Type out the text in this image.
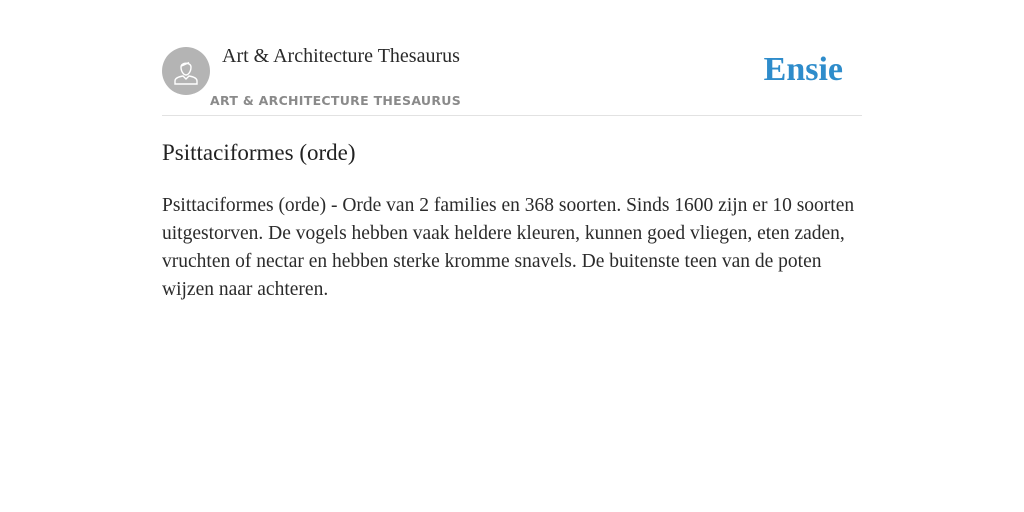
Art & Architecture Thesaurus
ART & ARCHITECTURE THESAURUS
Ensie
Psittaciformes (orde)

Psittaciformes (orde) - Orde van 2 families en 368 soorten. Sinds 1600 zijn er 10 soorten uitgestorven. De vogels hebben vaak heldere kleuren, kunnen goed vliegen, eten zaden, vruchten of nectar en hebben sterke kromme snavels. De buitenste teen van de poten wijzen naar achteren.
